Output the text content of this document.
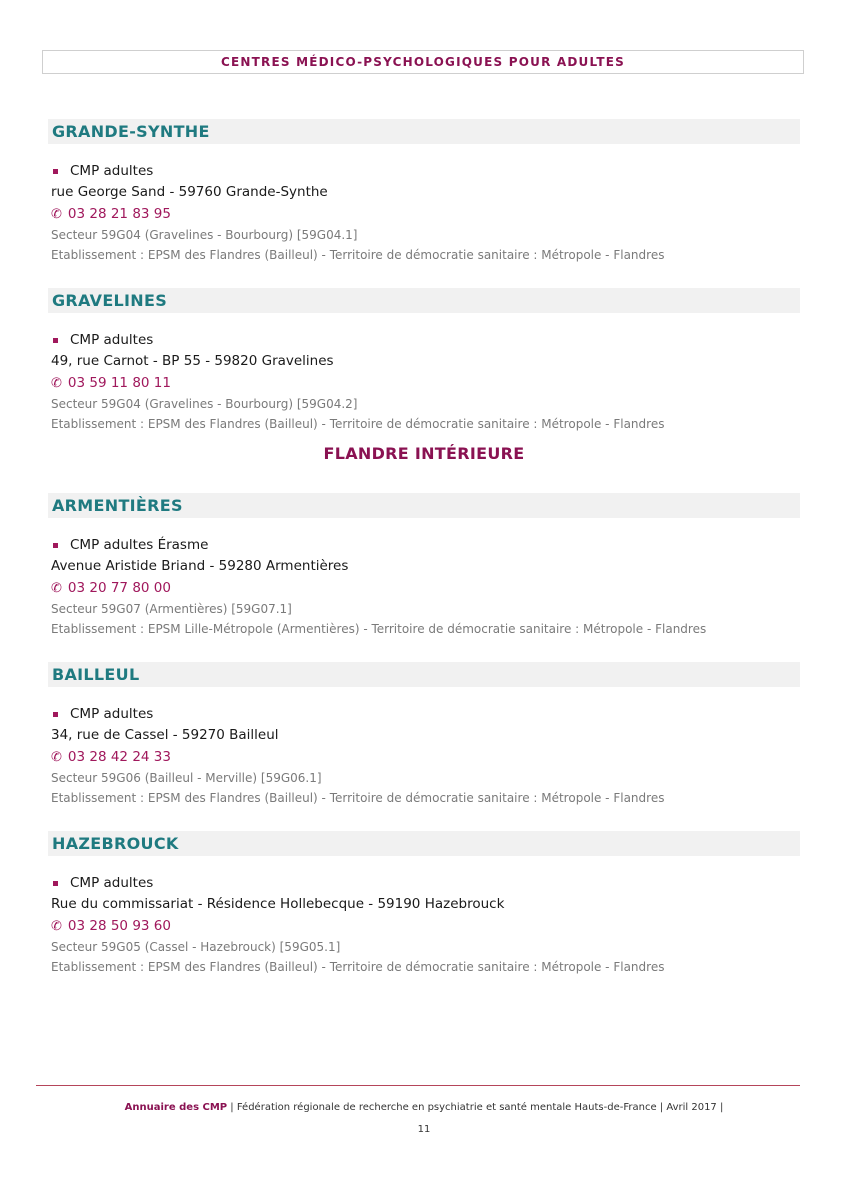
CENTRES MÉDICO-PSYCHOLOGIQUES POUR ADULTES
GRANDE-SYNTHE
CMP adultes
rue George Sand - 59760 Grande-Synthe
✆ 03 28 21 83 95
Secteur 59G04 (Gravelines - Bourbourg) [59G04.1]
Etablissement : EPSM des Flandres (Bailleul) - Territoire de démocratie sanitaire : Métropole - Flandres
GRAVELINES
CMP adultes
49, rue Carnot - BP 55 - 59820 Gravelines
✆ 03 59 11 80 11
Secteur 59G04 (Gravelines - Bourbourg) [59G04.2]
Etablissement : EPSM des Flandres (Bailleul) - Territoire de démocratie sanitaire : Métropole - Flandres
FLANDRE INTÉRIEURE
ARMENTIÈRES
CMP adultes Érasme
Avenue Aristide Briand - 59280 Armentières
✆ 03 20 77 80 00
Secteur 59G07 (Armentières) [59G07.1]
Etablissement : EPSM Lille-Métropole (Armentières) - Territoire de démocratie sanitaire : Métropole - Flandres
BAILLEUL
CMP adultes
34, rue de Cassel - 59270 Bailleul
✆ 03 28 42 24 33
Secteur 59G06 (Bailleul - Merville) [59G06.1]
Etablissement : EPSM des Flandres (Bailleul) - Territoire de démocratie sanitaire : Métropole - Flandres
HAZEBROUCK
CMP adultes
Rue du commissariat - Résidence Hollebecque - 59190 Hazebrouck
✆ 03 28 50 93 60
Secteur 59G05 (Cassel - Hazebrouck) [59G05.1]
Etablissement : EPSM des Flandres (Bailleul) - Territoire de démocratie sanitaire : Métropole - Flandres
Annuaire des CMP | Fédération régionale de recherche en psychiatrie et santé mentale Hauts-de-France | Avril 2017 |
11
